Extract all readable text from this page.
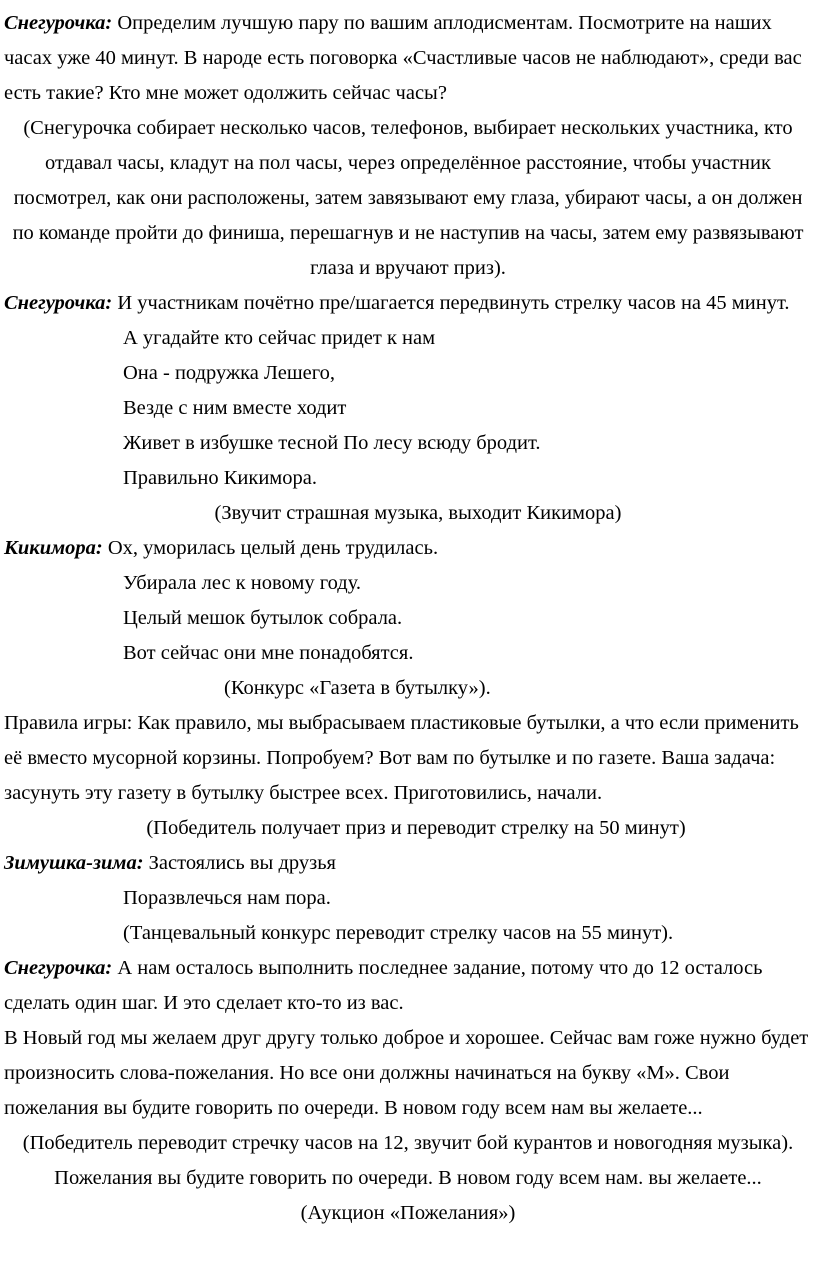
Снегурочка: Определим лучшую пару по вашим аплодисментам. Посмотрите на наших

часах уже 40 минут. В народе есть поговорка «Счастливые часов не наблюдают», среди вас

есть такие? Кто мне может одолжить сейчас часы?

(Снегурочка собирает несколько часов, телефонов, выбирает нескольких участника, кто

отдавал часы, кладут на пол часы, через определённое расстояние, чтобы участник

посмотрел, как они расположены, затем завязывают ему глаза, убирают часы, а он должен

по команде пройти до финиша, перешагнув и не наступив на часы, затем ему развязывают

глаза и вручают приз).

Снегурочка: И участникам почётно пре/шагается передвинуть стрелку часов на 45 минут.

А угадайте кто сейчас придет к нам

Она - подружка Лешего,

Везде с ним вместе ходит

Живет в избушке тесной По лесу всюду бродит.

Правильно Кикимора.

(Звучит страшная музыка, выходит Кикимора)

Кикимора: Ох, уморилась целый день трудилась.

Убирала лес к новому году.

Целый мешок бутылок собрала.

Вот сейчас они мне понадобятся.

(Конкурс «Газета в бутылку»).

Правила игры: Как правило, мы выбрасываем пластиковые бутылки, а что если применить

её вместо мусорной корзины. Попробуем? Вот вам по бутылке и по газете. Ваша задача:

засунуть эту газету в бутылку быстрее всех. Приготовились, начали.

(Победитель получает приз и переводит стрелку на 50 минут)

Зимушка-зима: Застоялись вы друзья

Поразвлечься нам пора.

(Танцевальный конкурс переводит стрелку часов на 55 минут).

Снегурочка: А нам осталось выполнить последнее задание, потому что до 12 осталось

сделать один шаг. И это сделает кто-то из вас.

В Новый год мы желаем друг другу только доброе и хорошее. Сейчас вам гоже нужно будет

произносить слова-пожелания. Но все они должны начинаться на букву «М». Свои

пожелания вы будите говорить по очереди. В новом году всем нам вы желаете...

(Победитель переводит стречку часов на 12, звучит бой курантов и новогодняя музыка).

Пожелания вы будите говорить по очереди. В новом году всем нам. вы желаете...

(Аукцион «Пожелания»)
